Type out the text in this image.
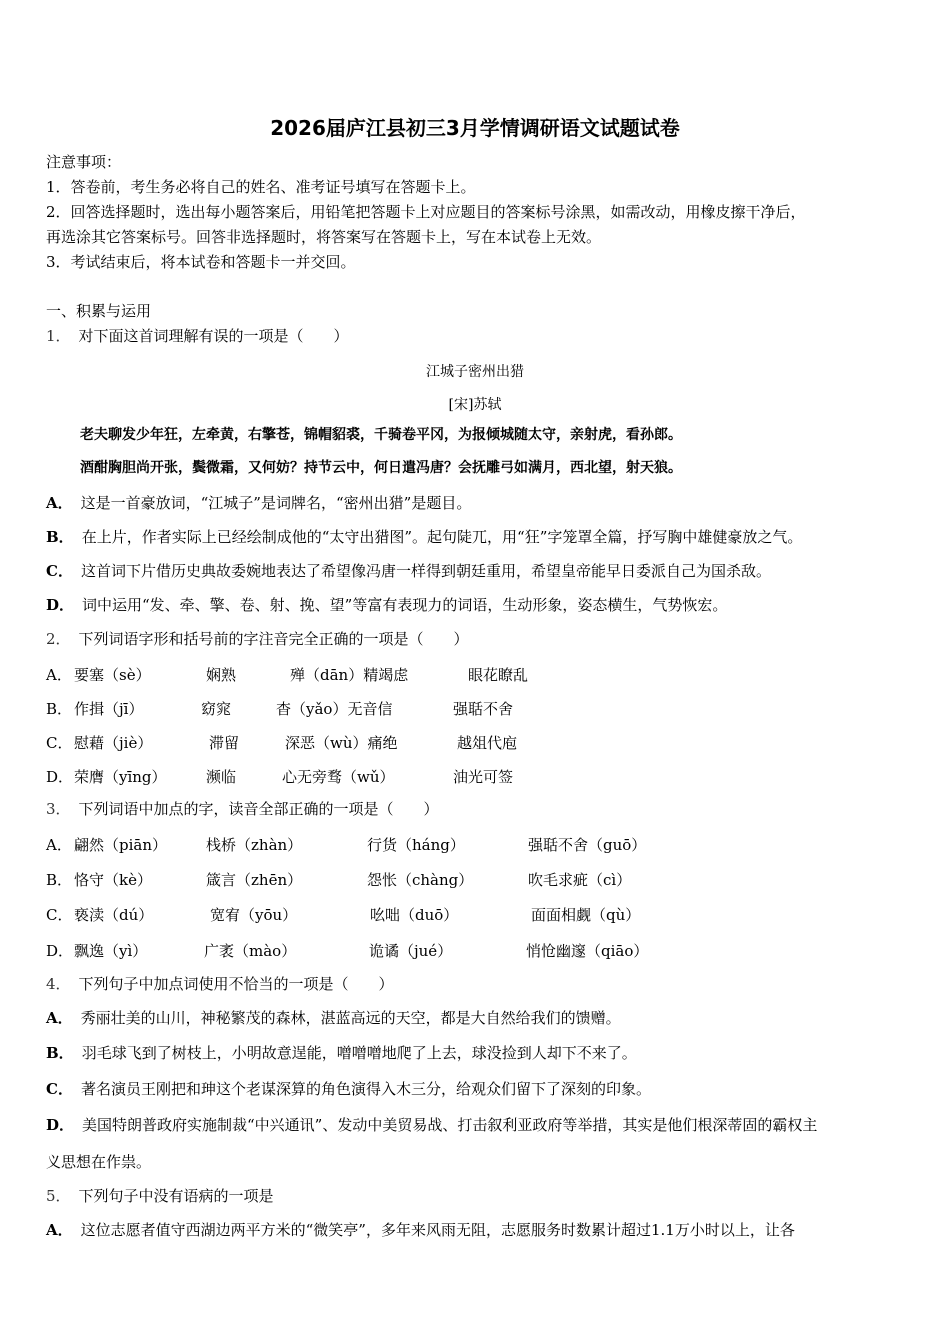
2026届庐江县初三3月学情调研语文试题试卷
注意事项：
1．答卷前，考生务必将自己的姓名、准考证号填写在答题卡上。
2．回答选择题时，选出每小题答案后，用铅笔把答题卡上对应题目的答案标号涂黑，如需改动，用橡皮擦干净后，
再选涂其它答案标号。回答非选择题时，将答案写在答题卡上，写在本试卷上无效。
3．考试结束后，将本试卷和答题卡一并交回。
一、积累与运用
1． 对下面这首词理解有误的一项是（　　）
江城子密州出猎
[宋]苏轼
老夫聊发少年狂，左牵黄，右擎苍，锦帽貂裘，千骑卷平冈，为报倾城随太守，亲射虎，看孙郎。
酒酣胸胆尚开张，鬓微霜，又何妨？持节云中，何日遣冯唐？会抚雕弓如满月，西北望，射天狼。
A． 这是一首豪放词，“江城子”是词牌名，“密州出猎”是题目。
B． 在上片，作者实际上已经绘制成他的“太守出猎图”。起句陡兀，用“狂”字笼罩全篇，抒写胸中雄健豪放之气。
C． 这首词下片借历史典故委婉地表达了希望像冯唐一样得到朝廷重用，希望皇帝能早日委派自己为国杀敌。
D． 词中运用“发、牵、擎、卷、射、挽、望”等富有表现力的词语，生动形象，姿态横生，气势恢宏。
2． 下列词语字形和括号前的字注音完全正确的一项是（　　）
A． 要塞（sè）	娴熟	殚（dān）精竭虑	眼花瞭乱
B． 作揖（jī）	窈窕	杳（yǎo）无音信	强聒不舍
C． 慰藉（jiè）	滞留	深恶（wù）痛绝	越俎代庖
D． 荣膺（yīng）	濒临	心无旁骛（wǔ）	油光可签
3． 下列词语中加点的字，读音全部正确的一项是（　　）
A． 翩然（piān）	栈桥（zhàn）	行货（háng）	强聒不舍（guō）
B． 恪守（kè）	箴言（zhēn）	怨怅（chàng）	吹毛求疵（cì）
C． 亵渎（dú）	宽宥（yōu）	吆咄（duō）	面面相觑（qù）
D． 飘逸（yì）	广袤（mào）	诡谲（jué）	悄怆幽邃（qiāo）
4． 下列句子中加点词使用不恰当的一项是（　　）
A． 秀丽壮美的山川，神秘繁茂的森林，湛蓝高远的天空，都是大自然给我们的馈赠。
B． 羽毛球飞到了树枝上，小明故意逞能，噌噌噌地爬了上去，球没捡到人却下不来了。
C． 著名演员王刚把和珅这个老谋深算的角色演得入木三分，给观众们留下了深刻的印象。
D． 美国特朗普政府实施制裁“中兴通讯”、发动中美贸易战、打击叙利亚政府等举措，其实是他们根深蒂固的霸权主
义思想在作祟。
5． 下列句子中没有语病的一项是
A． 这位志愿者值守西湖边两平方米的“微笑亭”，多年来风雨无阻，志愿服务时数累计超过1.1万小时以上，让各
